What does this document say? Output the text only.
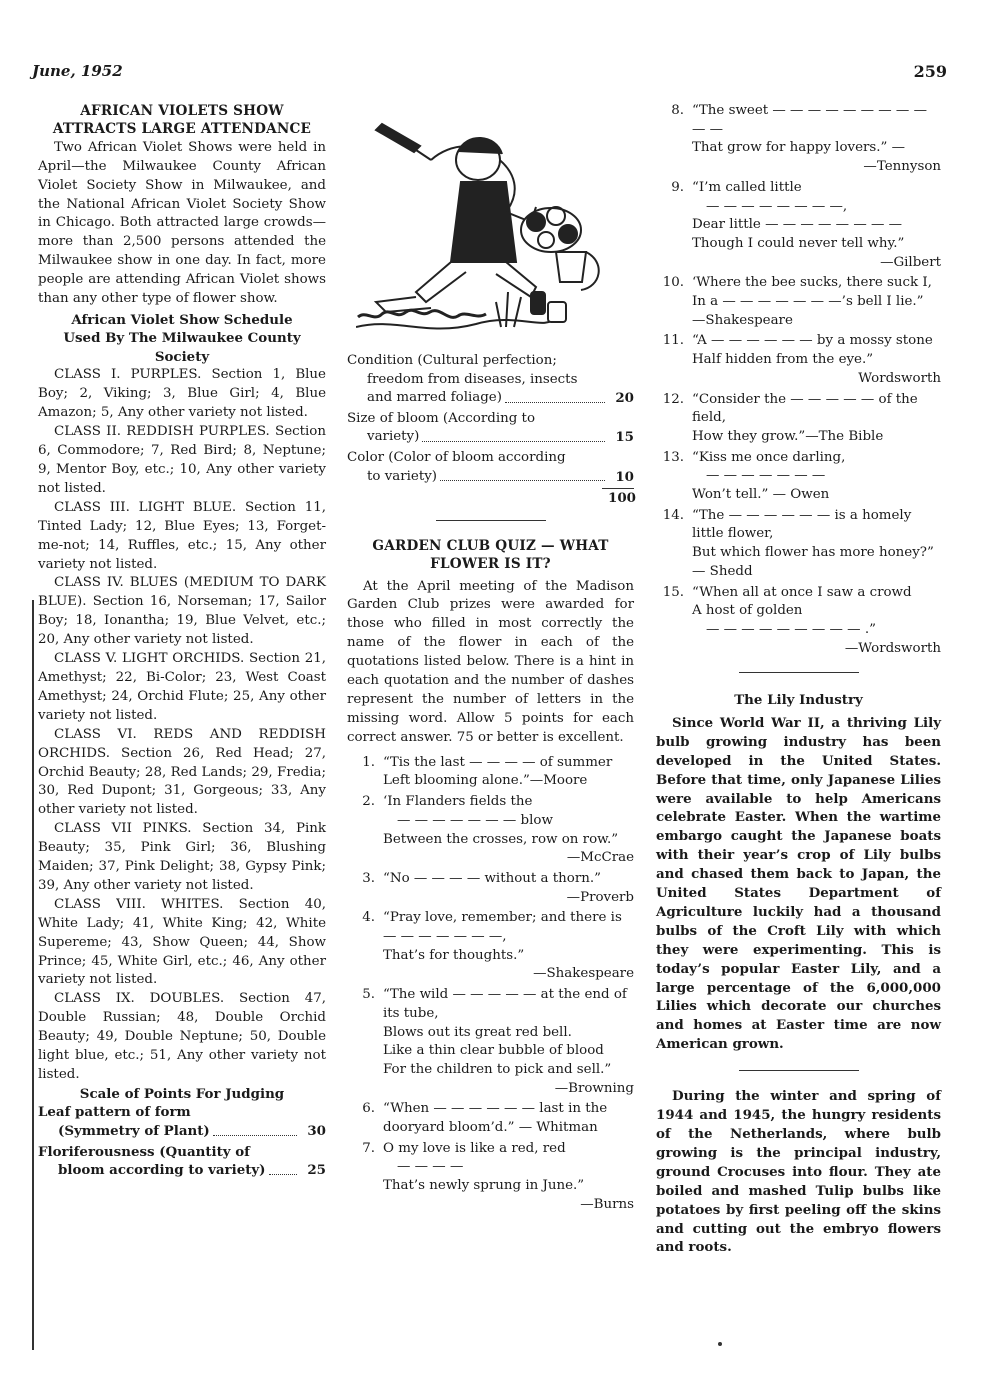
June, 1952	259
AFRICAN VIOLETS SHOW ATTRACTS LARGE ATTENDANCE

Two African Violet Shows were held in April—the Milwaukee County African Violet Society Show in Milwaukee, and the National African Violet Society Show in Chicago. Both attracted large crowds—more than 2,500 persons attended the Milwaukee show in one day. In fact, more people are attending African Violet shows than any other type of flower show.

African Violet Show Schedule Used By The Milwaukee County Society

CLASS I. PURPLES. Section 1, Blue Boy; 2, Viking; 3, Blue Girl; 4, Blue Amazon; 5, Any other variety not listed.

CLASS II. REDDISH PURPLES. Section 6, Commodore; 7, Red Bird; 8, Neptune; 9, Mentor Boy, etc.; 10, Any other variety not listed.

CLASS III. LIGHT BLUE. Section 11, Tinted Lady; 12, Blue Eyes; 13, Forget-me-not; 14, Ruffles, etc.; 15, Any other variety not listed.

CLASS IV. BLUES (MEDIUM TO DARK BLUE). Section 16, Norseman; 17, Sailor Boy; 18, Ionantha; 19, Blue Velvet, etc.; 20, Any other variety not listed.

CLASS V. LIGHT ORCHIDS. Section 21, Amethyst; 22, Bi-Color; 23, West Coast Amethyst; 24, Orchid Flute; 25, Any other variety not listed.

CLASS VI. REDS AND REDDISH ORCHIDS. Section 26, Red Head; 27, Orchid Beauty; 28, Red Lands; 29, Fredia; 30, Red Dupont; 31, Gorgeous; 33, Any other variety not listed.

CLASS VII PINKS. Section 34, Pink Beauty; 35, Pink Girl; 36, Blushing Maiden; 37, Pink Delight; 38, Gypsy Pink; 39, Any other variety not listed.

CLASS VIII. WHITES. Section 40, White Lady; 41, White King; 42, White Supereme; 43, Show Queen; 44, Show Prince; 45, White Girl, etc.; 46, Any other variety not listed.

CLASS IX. DOUBLES. Section 47, Double Russian; 48, Double Orchid Beauty; 49, Double Neptune; 50, Double light blue, etc.; 51, Any other variety not listed.

Scale of Points For Judging
Leaf pattern of form
(Symmetry of Plant)	30
Floriferousness (Quantity of
bloom according to variety)	25
Condition (Cultural perfection;
freedom from diseases, insects
and marred foliage)	20
Size of bloom (According to
variety)	15
Color (Color of bloom according
to variety)	10
100
GARDEN CLUB QUIZ — WHAT FLOWER IS IT?

At the April meeting of the Madison Garden Club prizes were awarded for those who filled in most correctly the name of the flower in each of the quotations listed below. There is a hint in each quotation and the number of dashes represent the number of letters in the missing word. Allow 5 points for each correct answer. 75 or better is excellent.

1. “Tis the last — — — — of summer
Left blooming alone.”—Moore
2. ‘In Flanders fields the
— — — — — — — blow
Between the crosses, row on row.”
—McCrae
3. “No — — — — without a thorn.”
—Proverb
4. “Pray love, remember; and there is — — — — — — —,
That’s for thoughts.”
—Shakespeare
5. “The wild — — — — — at the end of its tube,
Blows out its great red bell.
Like a thin clear bubble of blood
For the children to pick and sell.”
—Browning
6. “When — — — — — — last in the dooryard bloom’d.” — Whitman
7. O my love is like a red, red
— — — —
That’s newly sprung in June.”
—Burns
8. “The sweet — — — — — — — — — — —
That grow for happy lovers.” —
—Tennyson
9. “I’m called little
— — — — — — — —,
Dear little — — — — — — — —
Though I could never tell why.”
—Gilbert
10. ‘Where the bee sucks, there suck I,
In a — — — — — — —’s bell I lie.” —Shakespeare
11. “A — — — — — — by a mossy stone
Half hidden from the eye.”
Wordsworth
12. “Consider the — — — — — of the field,
How they grow.”—The Bible
13. “Kiss me once darling,
— — — — — — —
Won’t tell.” — Owen
14. “The — — — — — — is a homely little flower,
But which flower has more honey?” — Shedd
15. “When all at once I saw a crowd
A host of golden
— — — — — — — — — .”
—Wordsworth
The Lily Industry

Since World War II, a thriving Lily bulb growing industry has been developed in the United States. Before that time, only Japanese Lilies were available to help Americans celebrate Easter. When the wartime embargo caught the Japanese boats with their year’s crop of Lily bulbs and chased them back to Japan, the United States Department of Agriculture luckily had a thousand bulbs of the Croft Lily with which they were experimenting. This is today’s popular Easter Lily, and a large percentage of the 6,000,000 Lilies which decorate our churches and homes at Easter time are now American grown.

During the winter and spring of 1944 and 1945, the hungry residents of the Netherlands, where bulb growing is the principal industry, ground Crocuses into flour. They ate boiled and mashed Tulip bulbs like potatoes by first peeling off the skins and cutting out the embryo flowers and roots.
